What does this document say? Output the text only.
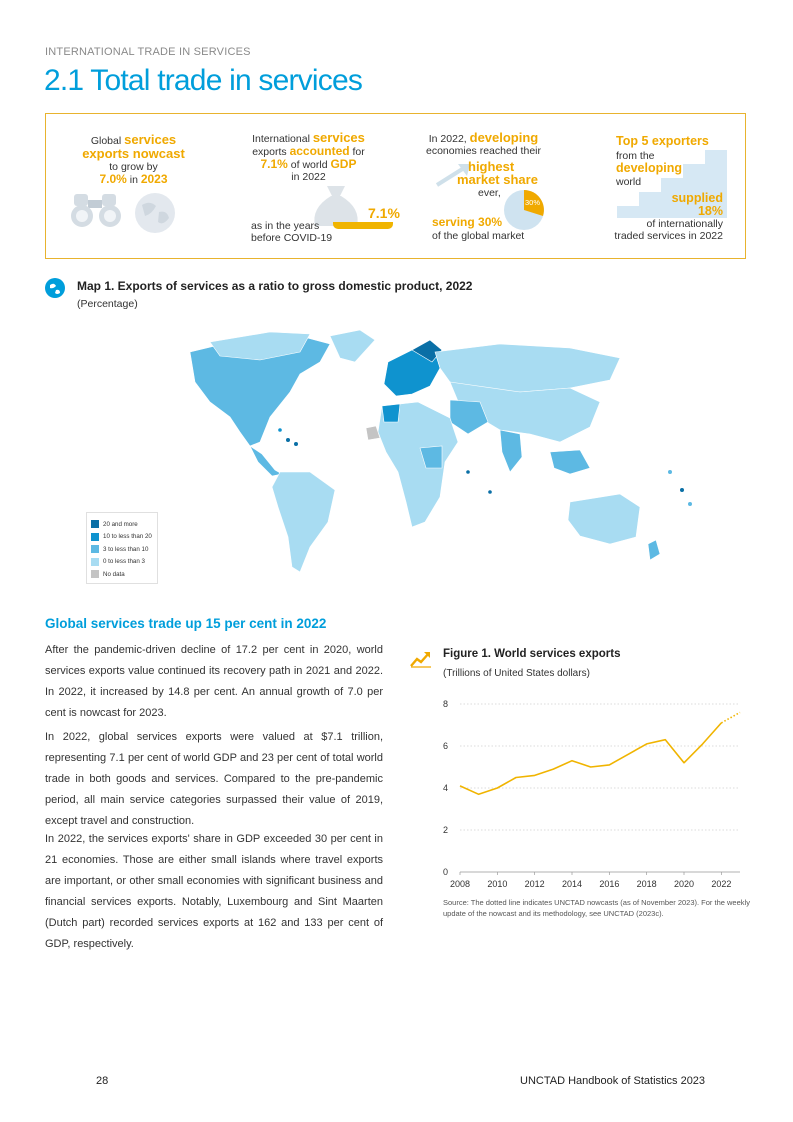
INTERNATIONAL TRADE IN SERVICES
2.1 Total trade in services
Global services
exports nowcast
to grow by
7.0% in 2023
International services
exports accounted for
7.1% of world GDP
in 2022
7.1%
as in the years
before COVID-19
In 2022, developing
economies reached their
highest
market share
ever,
30%
serving 30%
of the global market
Top 5 exporters
from the
developing
world
supplied
18%
of internationally
traded services in 2022
Map 1. Exports of services as a ratio to gross domestic product, 2022
(Percentage)
20 and more
10 to less than 20
3 to less than 10
0 to less than 3
No data
Global services trade up 15 per cent in 2022
After the pandemic-driven decline of 17.2 per cent in 2020, world services exports value continued its recovery path in 2021 and 2022. In 2022, it increased by 14.8 per cent. An annual growth of 7.0 per cent is nowcast for 2023.
In 2022, global services exports were valued at $7.1 trillion, representing 7.1 per cent of world GDP and 23 per cent of total world trade in both goods and services. Compared to the pre-pandemic period, all main service categories surpassed their value of 2019, except travel and construction.
In 2022, the services exports' share in GDP exceeded 30 per cent in 21 economies. Those are either small islands where travel exports are important, or other small economies with significant business and financial services exports. Notably, Luxembourg and Sint Maarten (Dutch part) recorded services exports at 162 and 133 per cent of GDP, respectively.
Figure 1. World services exports
(Trillions of United States dollars)
0
2
4
6
8
2008 2010 2012 2014 2016 2018 2020 2022
Source: The dotted line indicates UNCTAD nowcasts (as of November 2023). For the weekly update of the nowcast and its methodology, see UNCTAD (2023c).
28	UNCTAD Handbook of Statistics 2023
